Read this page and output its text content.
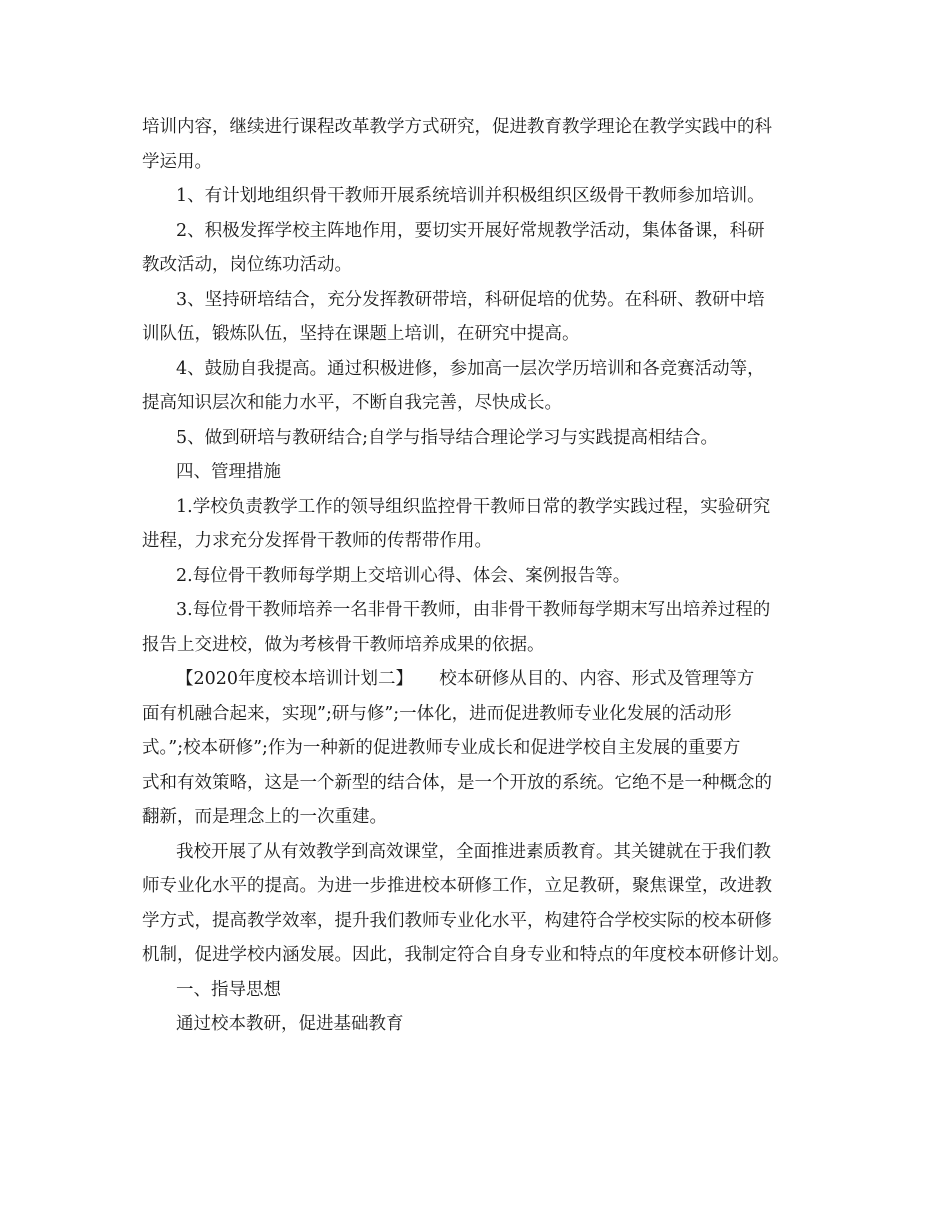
培训内容，继续进行课程改革教学方式研究，促进教育教学理论在教学实践中的科
学运用。
1、有计划地组织骨干教师开展系统培训并积极组织区级骨干教师参加培训。
2、积极发挥学校主阵地作用，要切实开展好常规教学活动，集体备课，科研
教改活动，岗位练功活动。
3、坚持研培结合，充分发挥教研带培，科研促培的优势。在科研、教研中培
训队伍，锻炼队伍，坚持在课题上培训，在研究中提高。
4、鼓励自我提高。通过积极进修，参加高一层次学历培训和各竞赛活动等，
提高知识层次和能力水平，不断自我完善，尽快成长。
5、做到研培与教研结合;自学与指导结合理论学习与实践提高相结合。
四、管理措施
1.学校负责教学工作的领导组织监控骨干教师日常的教学实践过程，实验研究
进程，力求充分发挥骨干教师的传帮带作用。
2.每位骨干教师每学期上交培训心得、体会、案例报告等。
3.每位骨干教师培养一名非骨干教师，由非骨干教师每学期末写出培养过程的
报告上交进校，做为考核骨干教师培养成果的依据。
【2020年度校本培训计划二】　　校本研修从目的、内容、形式及管理等方
面有机融合起来，实现”;研与修”;一体化，进而促进教师专业化发展的活动形
式。”;校本研修”;作为一种新的促进教师专业成长和促进学校自主发展的重要方
式和有效策略，这是一个新型的结合体，是一个开放的系统。它绝不是一种概念的
翻新，而是理念上的一次重建。
我校开展了从有效教学到高效课堂，全面推进素质教育。其关键就在于我们教
师专业化水平的提高。为进一步推进校本研修工作，立足教研，聚焦课堂，改进教
学方式，提高教学效率，提升我们教师专业化水平，构建符合学校实际的校本研修
机制，促进学校内涵发展。因此，我制定符合自身专业和特点的年度校本研修计划。
一、指导思想
通过校本教研，促进基础教育
